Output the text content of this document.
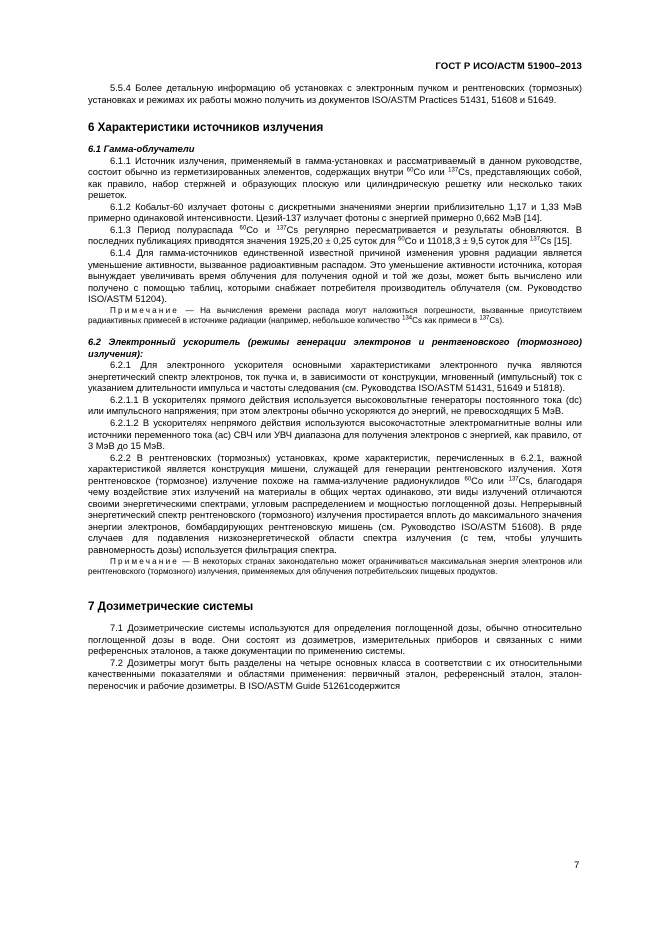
ГОСТ Р ИСО/АСТМ 51900–2013

5.5.4 Более детальную информацию об установках с электронным пучком и рентгеновских (тормозных) установках и режимах их работы можно получить из документов ISO/ASTM Practices 51431, 51608 и 51649.

6 Характеристики источников излучения
6.1 Гамма-облучатели

6.1.1 Источник излучения, применяемый в гамма-установках и рассматриваемый в данном руководстве, состоит обычно из герметизированных элементов, содержащих внутри $^{60}$Co или $^{137}$Cs, представляющих собой, как правило, набор стержней и образующих плоскую или цилиндрическую решетку или несколько таких решеток.

6.1.2 Кобальт-60 излучает фотоны с дискретными значениями энергии приблизительно 1,17 и 1,33 МэВ примерно одинаковой интенсивности. Цезий-137 излучает фотоны с энергией примерно 0,662 МэВ [14].

6.1.3 Период полураспада $^{60}$Co и $^{137}$Cs регулярно пересматривается и результаты обновляются. В последних публикациях приводятся значения 1925,20 ± 0,25 суток для $^{60}$Co и 11018,3 ± 9,5 суток для $^{137}$Cs [15].

6.1.4 Для гамма-источников единственной известной причиной изменения уровня радиации является уменьшение активности, вызванное радиоактивным распадом. Это уменьшение активности источника, которая вынуждает увеличивать время облучения для получения одной и той же дозы, может быть вычислено или получено с помощью таблиц, которыми снабжает потребителя производитель облучателя (см. Руководство ISO/ASTM 51204).

Примечание — На вычисления времени распада могут наложиться погрешности, вызванные присутствием радиактивных примесей в источнике радиации (например, небольшое количество $^{134}$Cs как примеси в $^{137}$Cs).

6.2 Электронный ускоритель (режимы генерации электронов и рентгеновского (тормозного) излучения):

6.2.1 Для электронного ускорителя основными характеристиками электронного пучка являются энергетический спектр электронов, ток пучка и, в зависимости от конструкции, мгновенный (импульсный) ток с указанием длительности импульса и частоты следования (см. Руководства ISO/ASTM 51431, 51649 и 51818).

6.2.1.1 В ускорителях прямого действия используется высоковольтные генераторы постоянного тока (dc) или импульсного напряжения; при этом электроны обычно ускоряются до энергий, не превосходящих 5 МэВ.

6.2.1.2 В ускорителях непрямого действия используются высокочастотные электромагнитные волны или источники переменного тока (ac) СВЧ или УВЧ диапазона для получения электронов с энергией, как правило, от 3 МэВ до 15 МэВ.

6.2.2 В рентгеновских (тормозных) установках, кроме характеристик, перечисленных в 6.2.1, важной характеристикой является конструкция мишени, служащей для генерации рентгеновского излучения. Хотя рентгеновское (тормозное) излучение похоже на гамма-излучение радионуклидов $^{60}$Co или $^{137}$Cs, благодаря чему воздействие этих излучений на материалы в общих чертах одинаково, эти виды излучений отличаются своими энергетическими спектрами, угловым распределением и мощностью поглощенной дозы. Непрерывный энергетический спектр рентгеновского (тормозного) излучения простирается вплоть до максимального значения энергии электронов, бомбардирующих рентгеновскую мишень (см. Руководство ISO/ASTM 51608). В ряде случаев для подавления низкоэнергетической области спектра излучения (с тем, чтобы улучшить равномерность дозы) используется фильтрация спектра.

Примечание — В некоторых странах законодательно может ограничиваться максимальная энергия электронов или рентгеновского (тормозного) излучения, применяемых для облучения потребительских пищевых продуктов.

7 Дозиметрические системы

7.1 Дозиметрические системы используются для определения поглощенной дозы, обычно относительно поглощенной дозы в воде. Они состоят из дозиметров, измерительных приборов и связанных с ними референсных эталонов, а также документации по применению системы.

7.2 Дозиметры могут быть разделены на четыре основных класса в соответствии с их относительными качественными показателями и областями применения: первичный эталон, референсный эталон, эталон-переносчик и рабочие дозиметры. В ISO/ASTM Guide 51261содержится

7
